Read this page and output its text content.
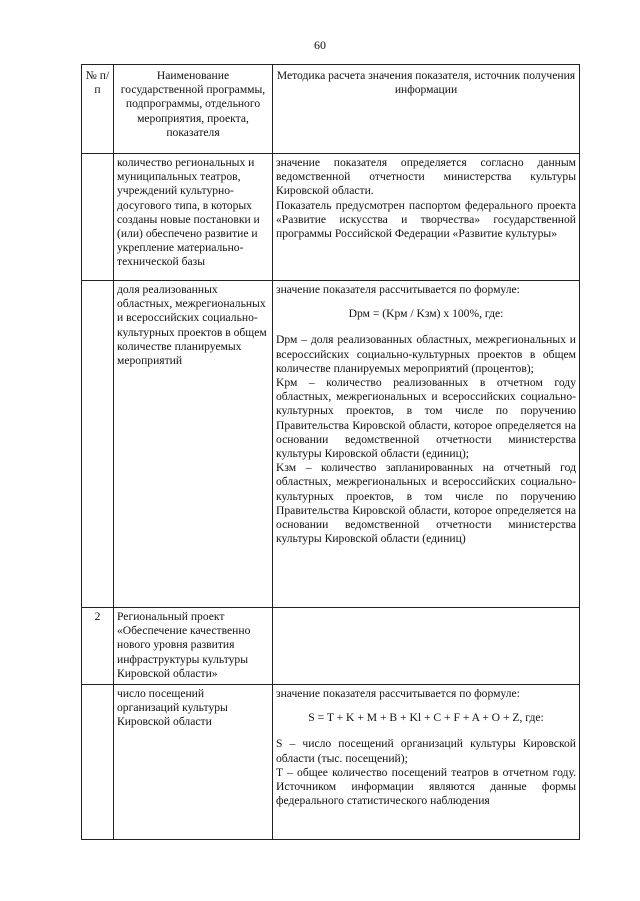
60
№ п/п	Наименование государственной программы, подпрограммы, отдельного мероприятия, проекта, показателя	Методика расчета значения показателя, источник получения информации
	количество региональных и муниципальных театров, учреждений культурно-досугового типа, в которых созданы новые постановки и (или) обеспечено развитие и укрепление материально-технической базы	значение показателя определяется согласно данным ведомственной отчетности министерства культуры Кировской области.

Показатель предусмотрен паспортом федерального проекта «Развитие искусства и творчества» государственной программы Российской Федерации «Развитие культуры»

	доля реализованных областных, межрегиональных и всероссийских социально-культурных проектов в общем количестве планируемых мероприятий	значение показателя рассчитывается по формуле:

Dрм = (Kрм / Kзм) х 100%, где:

Dрм – доля реализованных областных, межрегиональных и всероссийских социально-культурных проектов в общем количестве планируемых мероприятий (процентов);

Kрм – количество реализованных в отчетном году областных, межрегиональных и всероссийских социально-культурных проектов, в том числе по поручению Правительства Кировской области, которое определяется на основании ведомственной отчетности министерства культуры Кировской области (единиц);

Kзм – количество запланированных на отчетный год областных, межрегиональных и всероссийских социально-культурных проектов, в том числе по поручению Правительства Кировской области, которое определяется на основании ведомственной отчетности министерства культуры Кировской области (единиц)

2	Региональный проект «Обеспечение качественно нового уровня развития инфраструктуры культуры Кировской области»	
	число посещений организаций культуры Кировской области	значение показателя рассчитывается по формуле:

S = T + K + M + B + Kl + C + F + A + O + Z, где:

S – число посещений организаций культуры Кировской области (тыс. посещений);

T – общее количество посещений театров в отчетном году. Источником информации являются данные формы федерального статистического наблюдения
